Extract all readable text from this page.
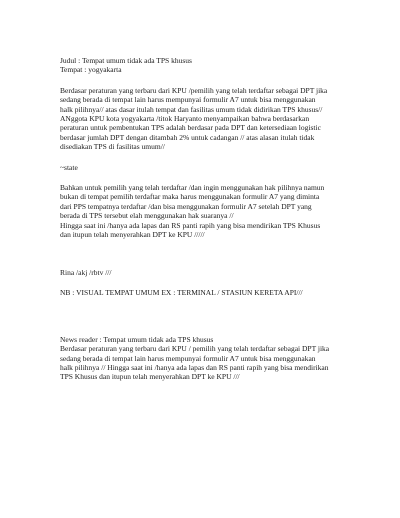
Judul : Tempat umum tidak ada TPS khusus
Tempat : yogyakarta
Berdasar peraturan yang terbaru dari KPU /pemilih yang telah terdaftar sebagai DPT jika
sedang berada di tempat lain harus mempunyai formulir A7 untuk bisa menggunakan
halk pilihnya// atas dasar itulah tempat dan fasilitas umum tidak didirikan TPS khusus//
ANggota KPU kota yogyakarta /titok Haryanto menyampaikan bahwa berdasarkan
peraturan untuk pembentukan TPS adalah berdasar pada DPT dan ketersediaan logistic
berdasar jumlah DPT dengan ditambah 2% untuk cadangan // atas alasan itulah tidak
disediakan TPS di fasilitas umum//
~state
Bahkan untuk pemilih yang telah terdaftar /dan ingin menggunakan hak pilihnya namun
bukan di tempat pemilih terdaftar maka harus menggunakan formulir A7 yang diminta
dari PPS tempatnya terdaftar /dan bisa menggunakan formulir A7 setelah DPT yang
berada di TPS tersebut elah menggunakan hak suaranya //
Hingga saat ini /hanya ada lapas dan RS panti rapih yang bisa mendirikan TPS Khusus
dan itupun telah menyerahkan DPT ke KPU /////
Rina /akj /rbtv ///
NB : VISUAL TEMPAT UMUM EX : TERMINAL / STASIUN KERETA API///
News reader : Tempat umum tidak ada TPS khusus
Berdasar peraturan yang terbaru dari KPU / pemilih yang telah terdaftar sebagai DPT jika
sedang berada di tempat lain harus mempunyai formulir A7 untuk bisa menggunakan
halk pilihnya // Hingga saat ini /hanya ada lapas dan RS panti rapih yang bisa mendirikan
TPS Khusus dan itupun telah menyerahkan DPT ke KPU ///
